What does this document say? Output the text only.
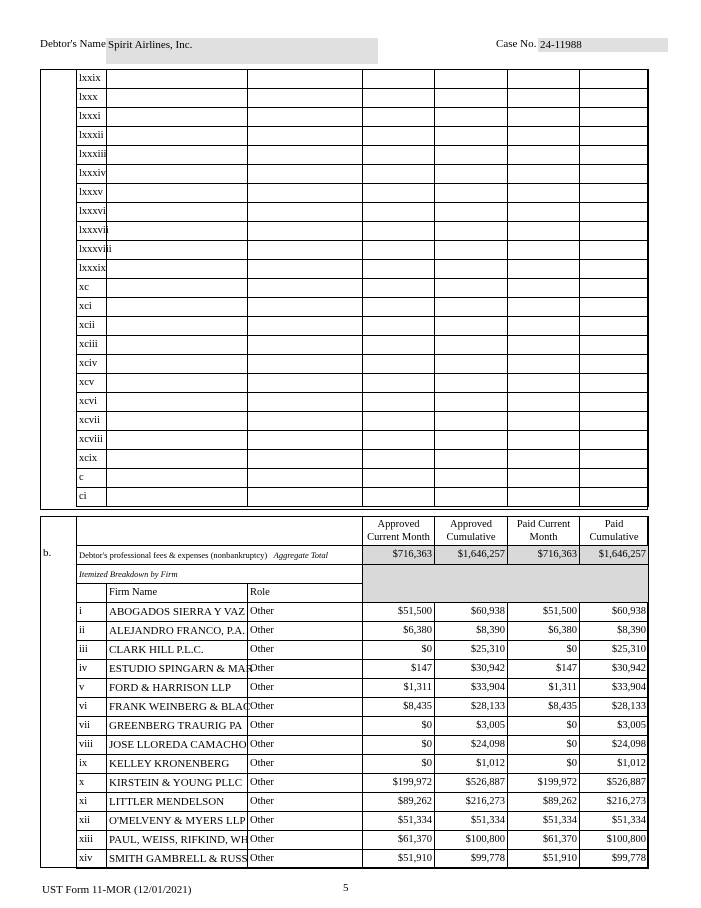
Debtor's Name Spirit Airlines, Inc.	Case No. 24-11988
lxxix						
lxxx						
lxxxi						
lxxxii						
lxxxiii						
lxxxiv						
lxxxv						
lxxxvi						
lxxxvii						
lxxxviii						
lxxxix						
xc						
xci						
xcii						
xciii						
xciv						
xcv						
xcvi						
xcvii						
xcviii						
xcix						
c						
ci						
b.
			Approved Current Month	Approved Cumulative	Paid Current Month	Paid Cumulative
Debtor's professional fees & expenses (nonbankruptcy) Aggregate Total			$716,363	$1,646,257	$716,363	$1,646,257
Itemized Breakdown by Firm						
	Firm Name	Role				
i	ABOGADOS SIERRA Y VAZ	Other	$51,500	$60,938	$51,500	$60,938
ii	ALEJANDRO FRANCO, P.A.	Other	$6,380	$8,390	$6,380	$8,390
iii	CLARK HILL P.L.C.	Other	$0	$25,310	$0	$25,310
iv	ESTUDIO SPINGARN & MAR	Other	$147	$30,942	$147	$30,942
v	FORD & HARRISON LLP	Other	$1,311	$33,904	$1,311	$33,904
vi	FRANK WEINBERG & BLAC	Other	$8,435	$28,133	$8,435	$28,133
vii	GREENBERG TRAURIG PA	Other	$0	$3,005	$0	$3,005
viii	JOSE LLOREDA CAMACHO	Other	$0	$24,098	$0	$24,098
ix	KELLEY KRONENBERG	Other	$0	$1,012	$0	$1,012
x	KIRSTEIN & YOUNG PLLC	Other	$199,972	$526,887	$199,972	$526,887
xi	LITTLER MENDELSON	Other	$89,262	$216,273	$89,262	$216,273
xii	O'MELVENY & MYERS LLP	Other	$51,334	$51,334	$51,334	$51,334
xiii	PAUL, WEISS, RIFKIND, WH	Other	$61,370	$100,800	$61,370	$100,800
xiv	SMITH GAMBRELL & RUSS	Other	$51,910	$99,778	$51,910	$99,778
UST Form 11-MOR (12/01/2021)	5
